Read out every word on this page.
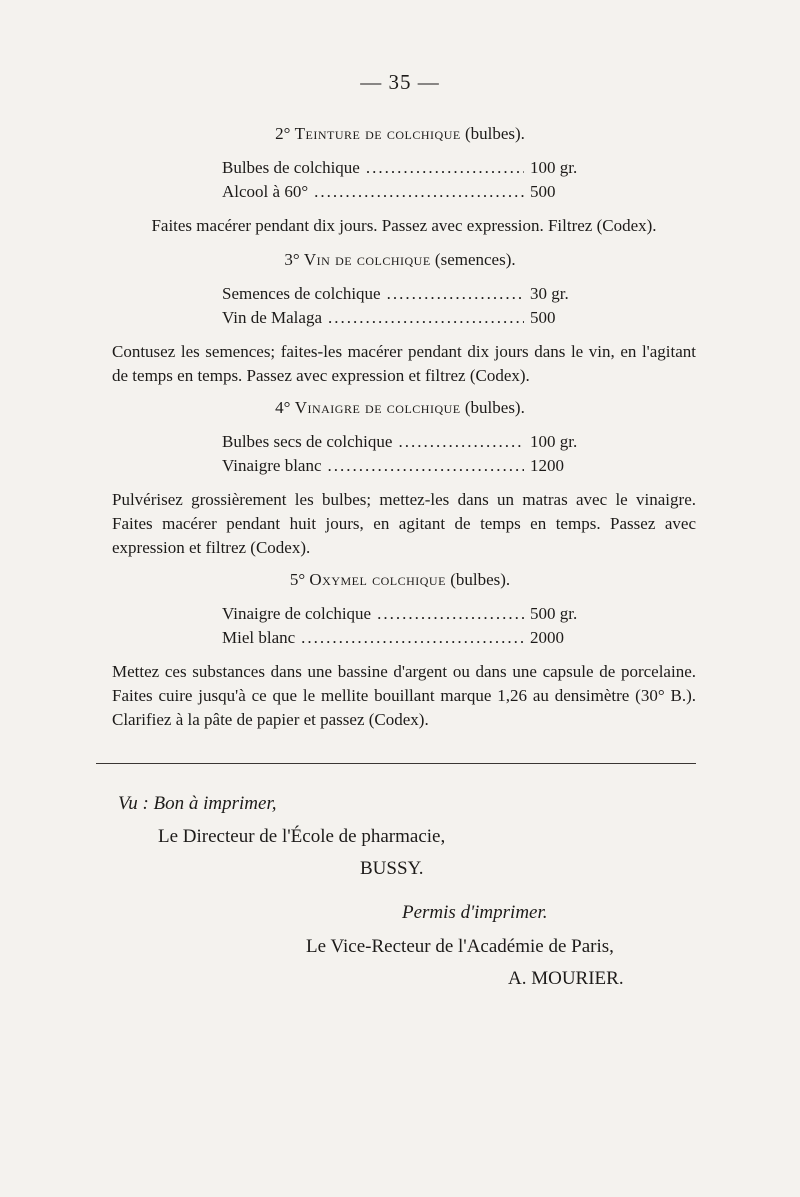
— 35 —
2° Teinture de colchique (bulbes).
Bulbes de colchique .....	100 gr.
Alcool à 60° .....	500
Faites macérer pendant dix jours. Passez avec expression. Filtrez (Codex).
3° Vin de colchique (semences).
Semences de colchique .....	30 gr.
Vin de Malaga .....	500
Contusez les semences; faites-les macérer pendant dix jours dans le vin, en l'agitant de temps en temps. Passez avec expression et filtrez (Codex).
4° Vinaigre de colchique (bulbes).
Bulbes secs de colchique .....	100 gr.
Vinaigre blanc .....	1200
Pulvérisez grossièrement les bulbes; mettez-les dans un matras avec le vinaigre. Faites macérer pendant huit jours, en agitant de temps en temps. Passez avec expression et filtrez (Codex).
5° Oxymel colchique (bulbes).
Vinaigre de colchique .....	500 gr.
Miel blanc .....	2000
Mettez ces substances dans une bassine d'argent ou dans une capsule de porcelaine. Faites cuire jusqu'à ce que le mellite bouillant marque 1,26 au densimètre (30° B.). Clarifiez à la pâte de papier et passez (Codex).
Vu : Bon à imprimer,
Le Directeur de l'École de pharmacie,
BUSSY.
Permis d'imprimer.
Le Vice-Recteur de l'Académie de Paris,
A. MOURIER.
